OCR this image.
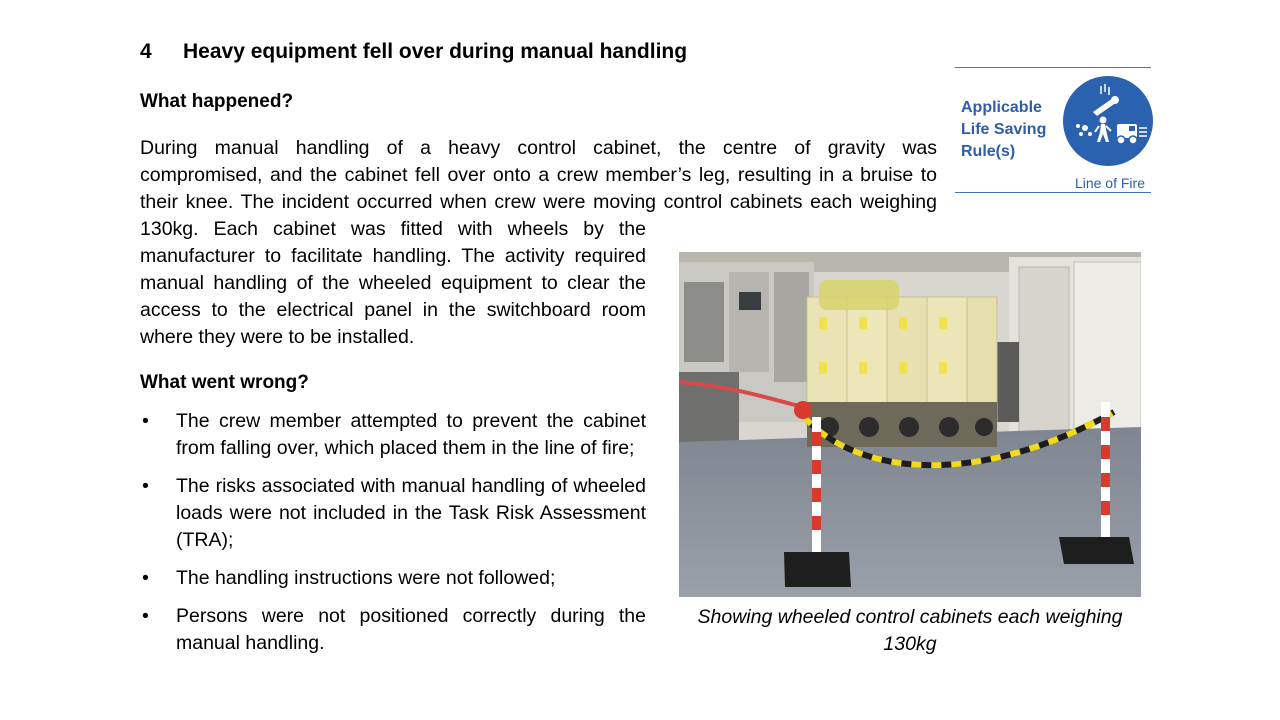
4	Heavy equipment fell over during manual handling
What happened?
During manual handling of a heavy control cabinet, the centre of gravity was
compromised, and the cabinet fell over onto a crew member’s leg, resulting in a bruise to
their knee. The incident occurred when crew were moving control cabinets each weighing
130kg. Each cabinet was fitted with wheels by the
manufacturer to facilitate handling. The activity required
manual handling of the wheeled equipment to clear the
access to the electrical panel in the switchboard room
where they were to be installed.
Applicable
Life Saving
Rule(s)
Line of Fire
Showing wheeled control cabinets each weighing
130kg
What went wrong?
• The crew member attempted to prevent the cabinet from falling over, which placed them in the line of fire;
• The risks associated with manual handling of wheeled loads were not included in the Task Risk Assessment (TRA);
• The handling instructions were not followed;
• Persons were not positioned correctly during the manual handling.
